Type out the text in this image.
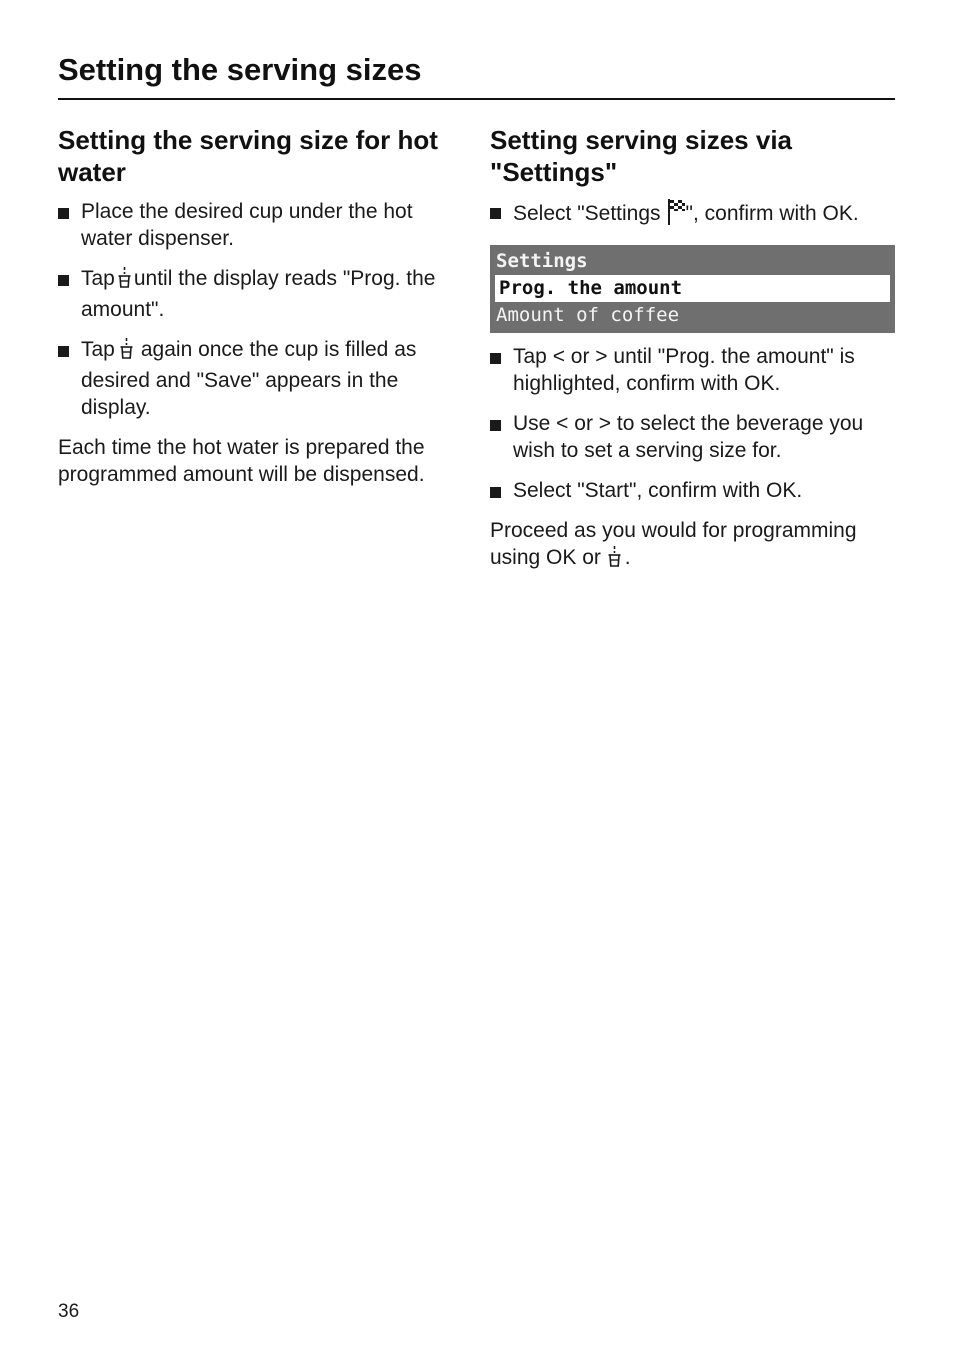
Setting the serving sizes
Setting the serving size for hot water
Place the desired cup under the hot water dispenser.
Tap until the display reads "Prog. the amount".
Tap again once the cup is filled as desired and "Save" appears in the display.

Each time the hot water is prepared the programmed amount will be dispensed.

Setting serving sizes via "Settings"
Select "Settings ", confirm with OK.
Settings
Prog. the amount
Amount of coffee
Tap < or > until "Prog. the amount" is highlighted, confirm with OK.
Use < or > to select the beverage you wish to set a serving size for.
Select "Start", confirm with OK.

Proceed as you would for programming using OK or .

36
